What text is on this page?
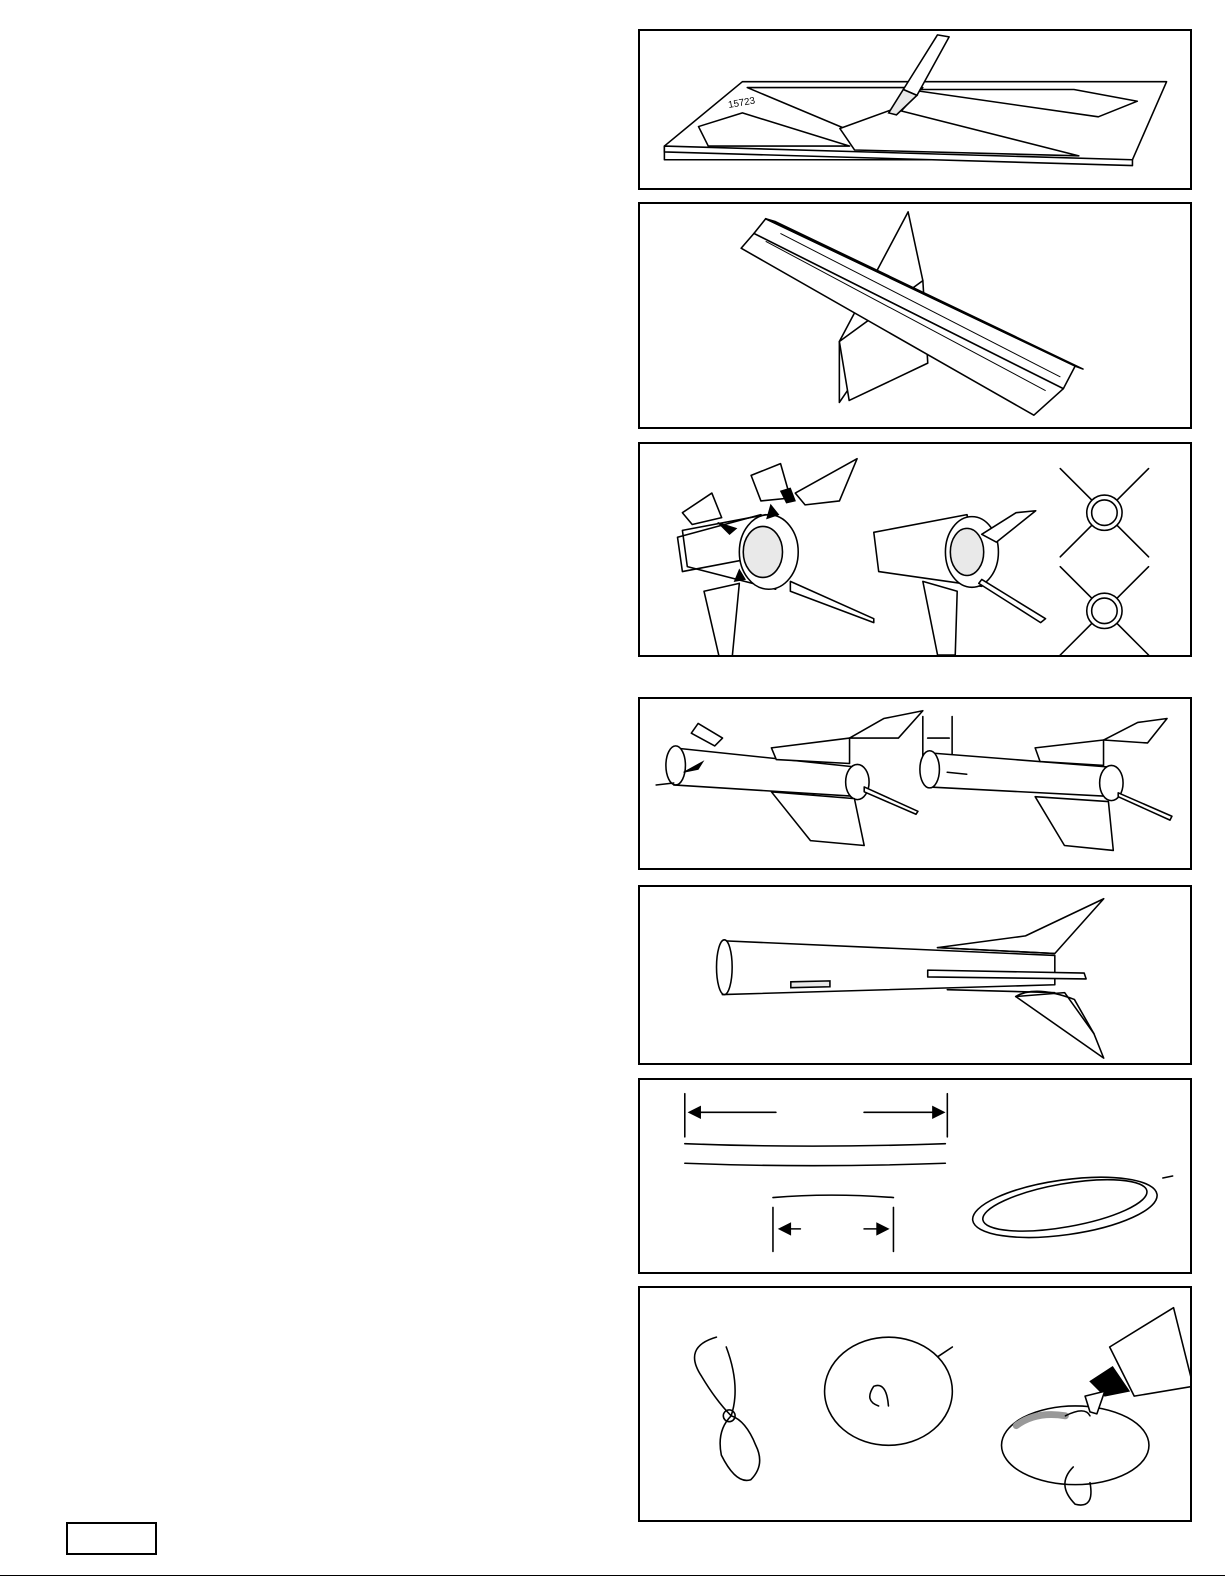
15723
